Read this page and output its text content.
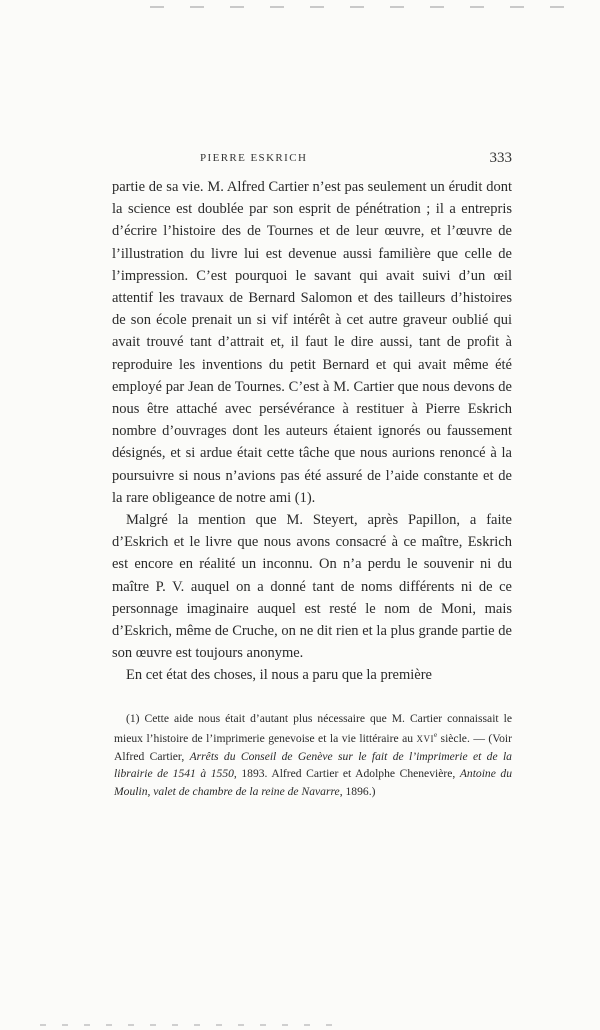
PIERRE ESKRICH	333

partie de sa vie. M. Alfred Cartier n’est pas seulement un érudit dont la science est doublée par son esprit de pénétration ; il a entrepris d’écrire l’histoire des de Tournes et de leur œuvre, et l’œuvre de l’illustration du livre lui est devenue aussi familière que celle de l’impression. C’est pourquoi le savant qui avait suivi d’un œil attentif les travaux de Bernard Salomon et des tailleurs d’histoires de son école prenait un si vif intérêt à cet autre graveur oublié qui avait trouvé tant d’attrait et, il faut le dire aussi, tant de profit à reproduire les inventions du petit Bernard et qui avait même été employé par Jean de Tournes. C’est à M. Cartier que nous devons de nous être attaché avec persévérance à restituer à Pierre Eskrich nombre d’ouvrages dont les auteurs étaient ignorés ou faussement désignés, et si ardue était cette tâche que nous aurions renoncé à la poursuivre si nous n’avions pas été assuré de l’aide constante et de la rare obligeance de notre ami (1).

Malgré la mention que M. Steyert, après Papillon, a faite d’Eskrich et le livre que nous avons consacré à ce maître, Eskrich est encore en réalité un inconnu. On n’a perdu le souvenir ni du maître P. V. auquel on a donné tant de noms différents ni de ce personnage imaginaire auquel est resté le nom de Moni, mais d’Eskrich, même de Cruche, on ne dit rien et la plus grande partie de son œuvre est toujours anonyme.

En cet état des choses, il nous a paru que la première

(1) Cette aide nous était d’autant plus nécessaire que M. Cartier connaissait le mieux l’histoire de l’imprimerie genevoise et la vie littéraire au XVIe siècle. — (Voir Alfred Cartier, Arrêts du Conseil de Genève sur le fait de l’imprimerie et de la librairie de 1541 à 1550, 1893. Alfred Cartier et Adolphe Chenevière, Antoine du Moulin, valet de chambre de la reine de Navarre, 1896.)
